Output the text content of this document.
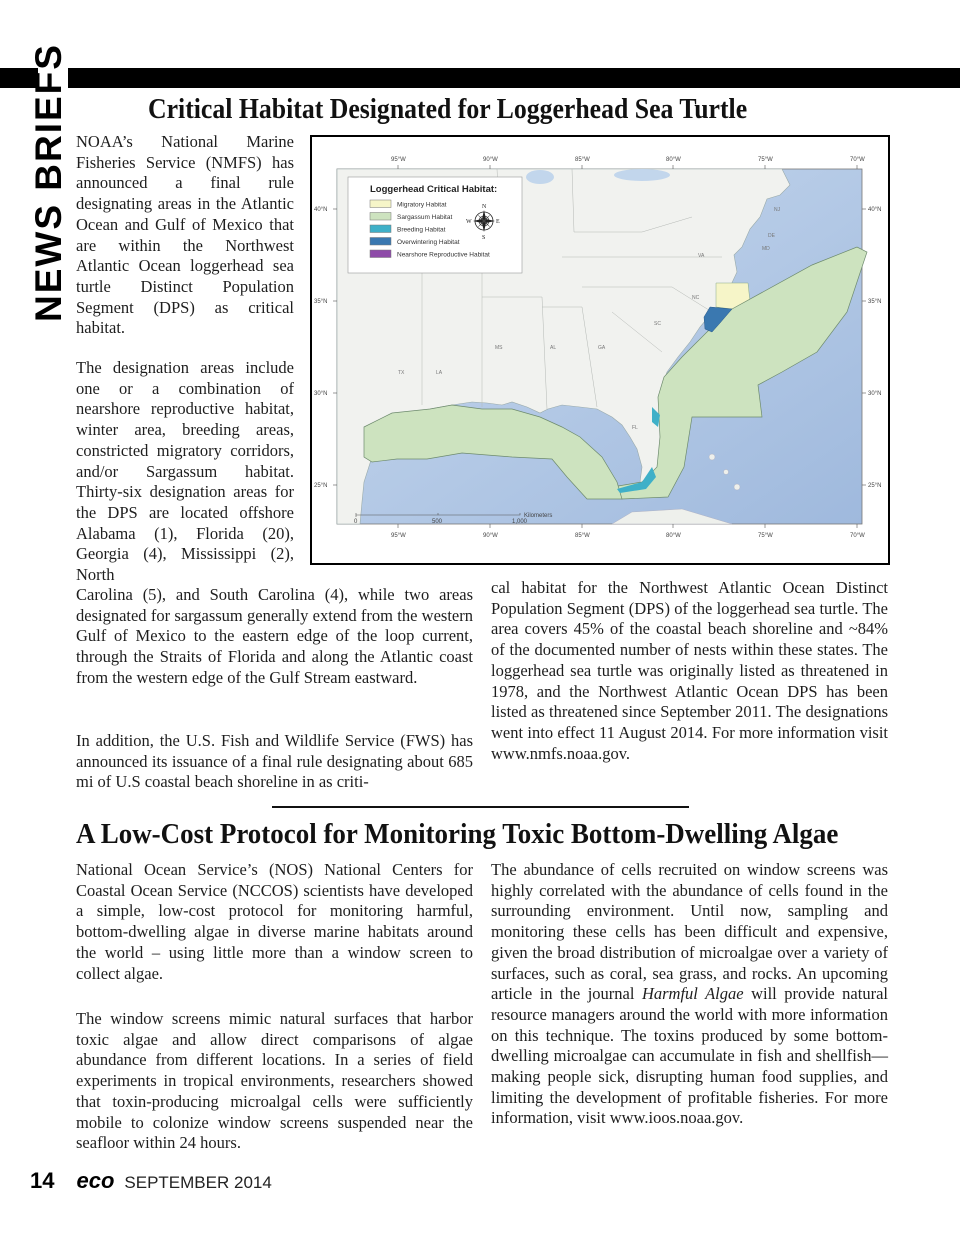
NEWS BRIEFS	Critical Habitat Designated for Loggerhead Sea Turtle

NOAA’s National Marine Fisheries Service (NMFS) has announced a final rule designating areas in the Atlantic Ocean and Gulf of Mexico that are within the Northwest Atlantic Ocean loggerhead sea turtle Distinct Population Segment (DPS) as critical habitat.

The designation areas include one or a combination of nearshore reproductive habitat, winter area, breeding areas, constricted migratory corridors, and/or Sargassum habitat. Thirty-six designation areas for the DPS are located offshore Alabama (1), Florida (20), Georgia (4), Mississippi (2), North

Carolina (5), and South Carolina (4), while two areas designated for sargassum generally extend from the western Gulf of Mexico to the eastern edge of the loop current, through the Straits of Florida and along the Atlantic coast from the western edge of the Gulf Stream eastward.

In addition, the U.S. Fish and Wildlife Service (FWS) has announced its issuance of a final rule designating about 685 mi of U.S coastal beach shoreline in as criti-

cal habitat for the Northwest Atlantic Ocean Distinct Population Segment (DPS) of the loggerhead sea turtle. The area covers 45% of the coastal beach shoreline and ~84% of the documented number of nests within these states. The loggerhead sea turtle was originally listed as threatened in 1978, and the Northwest Atlantic Ocean DPS has been listed as threatened since September 2011. The designations went into effect 11 August 2014. For more information visit www.nmfs.noaa.gov.

TX	LA
MS	AL	GA
FL
SC
NC
VA
MD
DE
NJ
95°W	90°W	85°W	80°W	75°W	70°W
95°W	90°W	85°W	80°W	75°W	70°W
40°N
35°N
30°N
25°N
40°N
35°N
30°N
25°N
0	500	1,000
Kilometers
Loggerhead Critical Habitat:
Migratory Habitat
Sargassum Habitat
Breeding Habitat
Overwintering Habitat
Nearshore Reproductive Habitat
N
S
E
W
A Low-Cost Protocol for Monitoring Toxic Bottom-Dwelling Algae

National Ocean Service’s (NOS) National Centers for Coastal Ocean Service (NCCOS) scientists have developed a simple, low-cost protocol for monitoring harmful, bottom-dwelling algae in diverse marine habitats around the world – using little more than a window screen to collect algae.

The window screens mimic natural surfaces that harbor toxic algae and allow direct comparisons of algae abundance from different locations. In a series of field experiments in tropical environments, researchers showed that toxin-producing microalgal cells were sufficiently mobile to colonize window screens suspended near the seafloor within 24 hours.

The abundance of cells recruited on window screens was highly correlated with the abundance of cells found in the surrounding environment. Until now, sampling and monitoring these cells has been difficult and expensive, given the broad distribution of microalgae over a variety of surfaces, such as coral, sea grass, and rocks. An upcoming article in the journal Harmful Algae will provide natural resource managers around the world with more information on this technique. The toxins produced by some bottom-dwelling microalgae can accumulate in fish and shellfish—making people sick, disrupting human food supplies, and limiting the development of profitable fisheries. For more information, visit www.ioos.noaa.gov.

14 eco SEPTEMBER 2014
